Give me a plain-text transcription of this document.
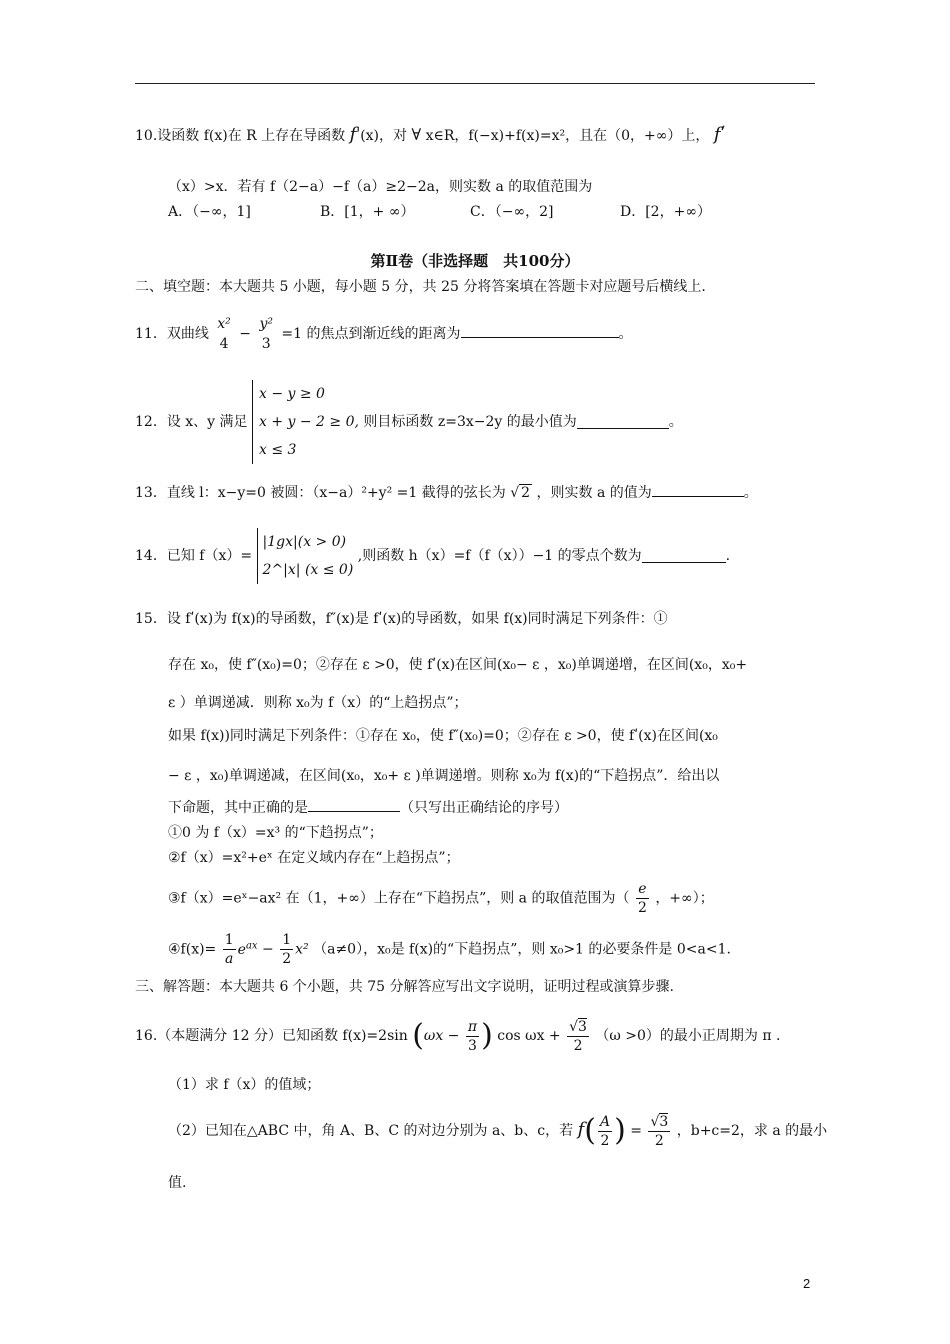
10.设函数 f(x)在 R 上存在导函数 fʹ(x)，对 ∀ x∈R，f(−x)+f(x)=x²，且在（0，+∞）上， fʹ
（x）>x．若有 f（2−a）−f（a）≥2−2a，则实数 a 的取值范围为
A．（−∞，1]	B．[1，+ ∞）	C．（−∞，2]	D．[2，+∞）
第Ⅱ卷（非选择题　共100分）
二、填空题：本大题共 5 小题，每小题 5 分，共 25 分将答案填在答题卡对应题号后横线上.
11．双曲线
x²
4
−
y²
3
=1 的焦点到渐近线的距离为	。
12．设 x、y 满足
x − y ≥ 0
x + y − 2 ≥ 0,
x ≤ 3
则目标函数 z=3x−2y 的最小值为	。
13．直线 l：x−y=0 被圆：（x−a）²+y² =1 截得的弦长为 √ 2 ，则实数 a 的值为	。
14．已知 f（x）=
|1gx|(x > 0)
2^|x| (x ≤ 0)
,则函数 h（x）=f（f（x））−1 的零点个数为	.
15．设 fʹ(x)为 f(x)的导函数，f″(x)是 fʹ(x)的导函数，如果 f(x)同时满足下列条件：①
存在 x₀，使 f″(x₀)=0；②存在 ε >0，使 fʹ(x)在区间(x₀− ε ，x₀)单调递增，在区间(x₀，x₀+
ε ）单调递减．则称 x₀为 f（x）的“上趋拐点”；
如果 f(x))同时满足下列条件：①存在 x₀，使 f″(x₀)=0；②存在 ε >0，使 fʹ(x)在区间(x₀
− ε ，x₀)单调递减，在区间(x₀，x₀+ ε )单调递增。则称 x₀为 f(x)的“下趋拐点”．给出以
下命题，其中正确的是	（只写出正确结论的序号）
①0 为 f（x）=x³ 的“下趋拐点”；
②f（x）=x²+eˣ 在定义域内存在“上趋拐点”；
③f（x）=eˣ−ax² 在（1，+∞）上存在“下趋拐点”，则 a 的取值范围为（ $\frac{e}{2}$ ，+∞）；
④f(x)= $\frac{1}{a} e^{ax} - \frac{1}{2} x^2$ （a≠0），x₀是 f(x)的“下趋拐点”，则 x₀>1 的必要条件是 0<a<1.
三、解答题：本大题共 6 个小题，共 75 分解答应写出文字说明，证明过程或演算步骤.
16.（本题满分 12 分）已知函数 f(x)=2sin ($\omega x - \frac{\pi}{3}$ ) $\cos \omega x + \frac{√3}{2} (\omega >0)$的最小正周期为 π .
（1）求 f（x）的值域；
（2）已知在△ABC 中，角 A、B、C 的对边分别为 a、b、c，若 $f( \frac{A}{2}$ ) = $\frac{√3}{2}$ ，b+c=2，求 a 的最小
值.
2
